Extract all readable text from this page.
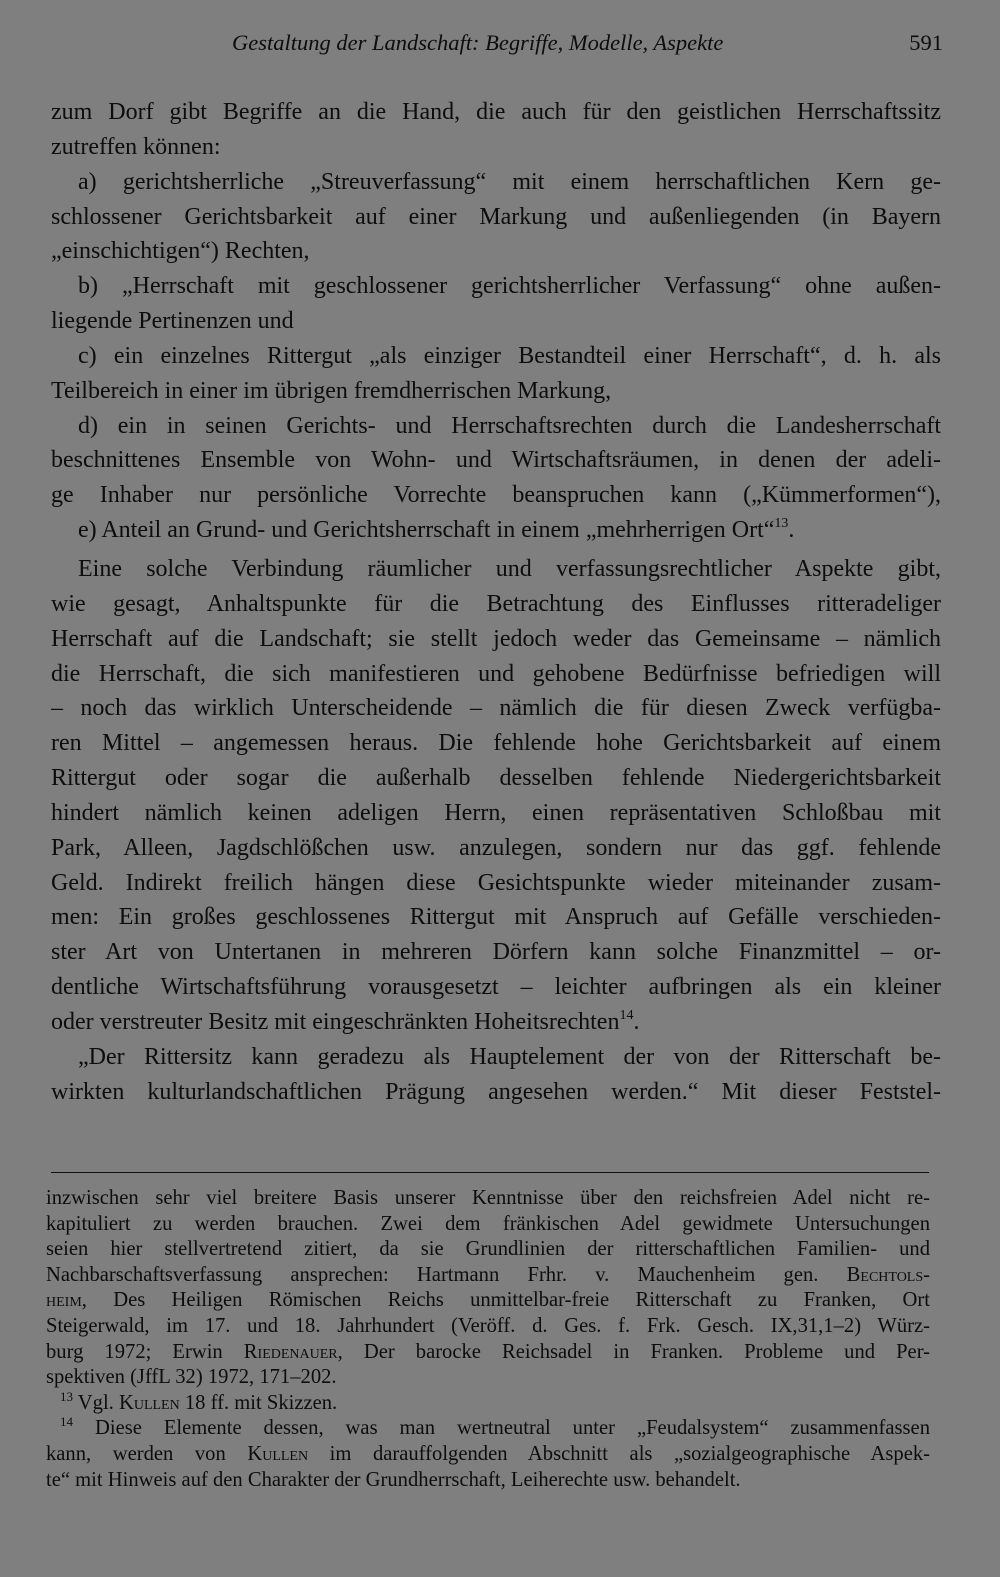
Gestaltung der Landschaft: Begriffe, Modelle, Aspekte	591
zum Dorf gibt Begriffe an die Hand, die auch für den geistlichen Herrschaftssitz
zutreffen können:
a) gerichtsherrliche „Streuverfassung“ mit einem herrschaftlichen Kern ge-
schlossener Gerichtsbarkeit auf einer Markung und außenliegenden (in Bayern
„einschichtigen“) Rechten,
b) „Herrschaft mit geschlossener gerichtsherrlicher Verfassung“ ohne außen-
liegende Pertinenzen und
c) ein einzelnes Rittergut „als einziger Bestandteil einer Herrschaft“, d. h. als
Teilbereich in einer im übrigen fremdherrischen Markung,
d) ein in seinen Gerichts- und Herrschaftsrechten durch die Landesherrschaft
beschnittenes Ensemble von Wohn- und Wirtschaftsräumen, in denen der adeli-
ge Inhaber nur persönliche Vorrechte beanspruchen kann („Kümmerformen“),
e) Anteil an Grund- und Gerichtsherrschaft in einem „mehrherrigen Ort“$^{13}$.
Eine solche Verbindung räumlicher und verfassungsrechtlicher Aspekte gibt,
wie gesagt, Anhaltspunkte für die Betrachtung des Einflusses ritteradeliger
Herrschaft auf die Landschaft; sie stellt jedoch weder das Gemeinsame – nämlich
die Herrschaft, die sich manifestieren und gehobene Bedürfnisse befriedigen will
– noch das wirklich Unterscheidende – nämlich die für diesen Zweck verfügba-
ren Mittel – angemessen heraus. Die fehlende hohe Gerichtsbarkeit auf einem
Rittergut oder sogar die außerhalb desselben fehlende Niedergerichtsbarkeit
hindert nämlich keinen adeligen Herrn, einen repräsentativen Schloßbau mit
Park, Alleen, Jagdschlößchen usw. anzulegen, sondern nur das ggf. fehlende
Geld. Indirekt freilich hängen diese Gesichtspunkte wieder miteinander zusam-
men: Ein großes geschlossenes Rittergut mit Anspruch auf Gefälle verschieden-
ster Art von Untertanen in mehreren Dörfern kann solche Finanzmittel – or-
dentliche Wirtschaftsführung vorausgesetzt – leichter aufbringen als ein kleiner
oder verstreuter Besitz mit eingeschränkten Hoheitsrechten$^{14}$.
„Der Rittersitz kann geradezu als Hauptelement der von der Ritterschaft be-
wirkten kulturlandschaftlichen Prägung angesehen werden.“ Mit dieser Feststel-
inzwischen sehr viel breitere Basis unserer Kenntnisse über den reichsfreien Adel nicht re-
kapituliert zu werden brauchen. Zwei dem fränkischen Adel gewidmete Untersuchungen
seien hier stellvertretend zitiert, da sie Grundlinien der ritterschaftlichen Familien- und
Nachbarschaftsverfassung ansprechen: Hartmann Frhr. v. Mauchenheim gen. Bechtols-
heim, Des Heiligen Römischen Reichs unmittelbar-freie Ritterschaft zu Franken, Ort
Steigerwald, im 17. und 18. Jahrhundert (Veröff. d. Ges. f. Frk. Gesch. IX,31,1–2) Würz-
burg 1972; Erwin Riedenauer, Der barocke Reichsadel in Franken. Probleme und Per-
spektiven (JffL 32) 1972, 171–202.
$^{13}$ Vgl. Kullen 18 ff. mit Skizzen.
$^{14}$ Diese Elemente dessen, was man wertneutral unter „Feudalsystem“ zusammenfassen
kann, werden von Kullen im darauffolgenden Abschnitt als „sozialgeographische Aspek-
te“ mit Hinweis auf den Charakter der Grundherrschaft, Leiherechte usw. behandelt.
